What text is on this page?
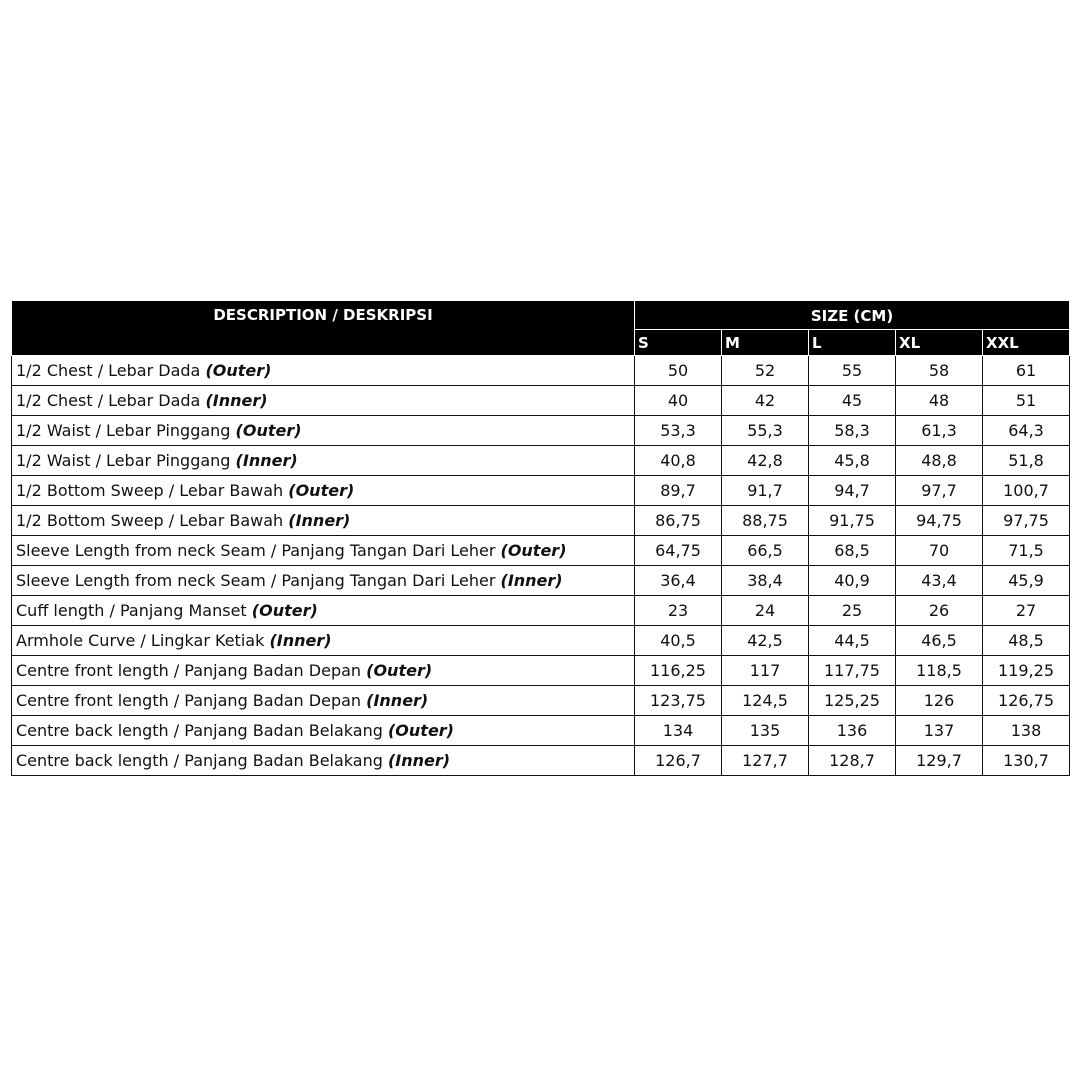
DESCRIPTION / DESKRIPSI	SIZE (CM)				
	S	M	L	XL	XXL
1/2 Chest / Lebar Dada (Outer)	50	52	55	58	61
1/2 Chest / Lebar Dada (Inner)	40	42	45	48	51
1/2 Waist / Lebar Pinggang (Outer)	53,3	55,3	58,3	61,3	64,3
1/2 Waist / Lebar Pinggang (Inner)	40,8	42,8	45,8	48,8	51,8
1/2 Bottom Sweep / Lebar Bawah (Outer)	89,7	91,7	94,7	97,7	100,7
1/2 Bottom Sweep / Lebar Bawah (Inner)	86,75	88,75	91,75	94,75	97,75
Sleeve Length from neck Seam / Panjang Tangan Dari Leher (Outer)	64,75	66,5	68,5	70	71,5
Sleeve Length from neck Seam / Panjang Tangan Dari Leher (Inner)	36,4	38,4	40,9	43,4	45,9
Cuff length / Panjang Manset (Outer)	23	24	25	26	27
Armhole Curve / Lingkar Ketiak (Inner)	40,5	42,5	44,5	46,5	48,5
Centre front length / Panjang Badan Depan (Outer)	116,25	117	117,75	118,5	119,25
Centre front length / Panjang Badan Depan (Inner)	123,75	124,5	125,25	126	126,75
Centre back length / Panjang Badan Belakang (Outer)	134	135	136	137	138
Centre back length / Panjang Badan Belakang (Inner)	126,7	127,7	128,7	129,7	130,7
